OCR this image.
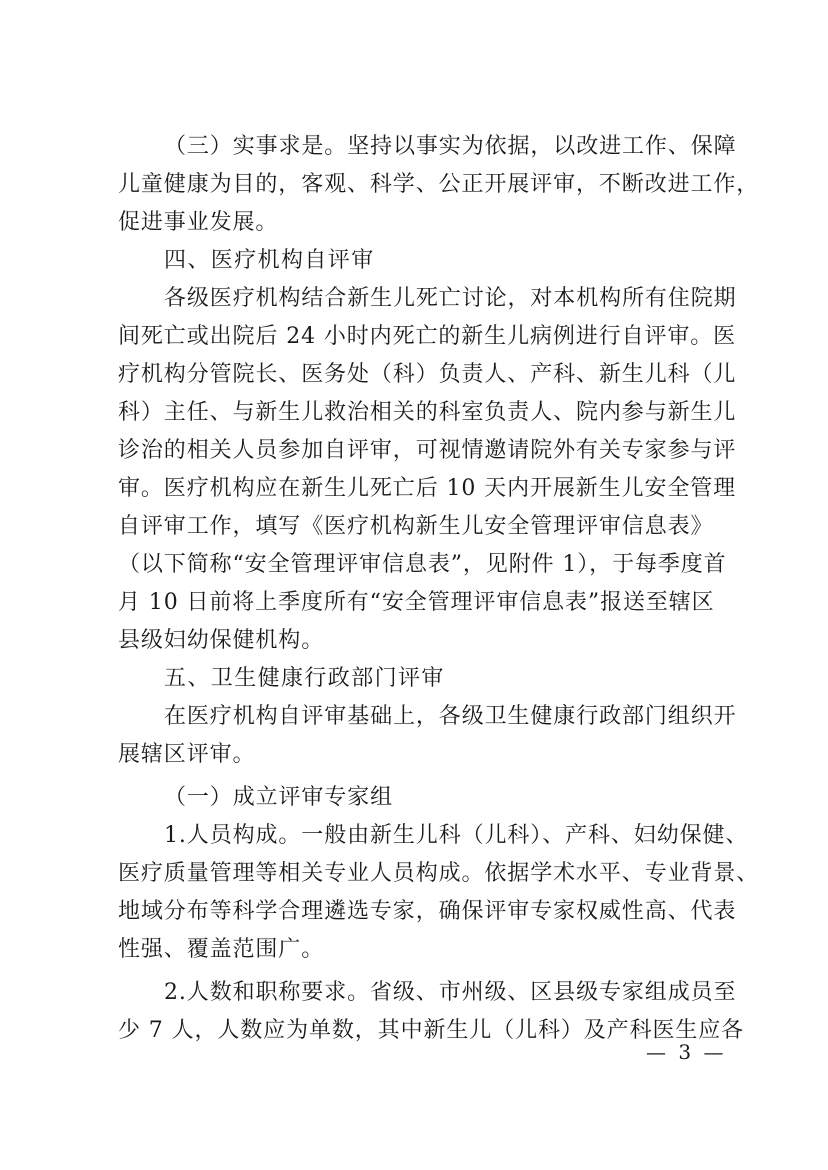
（三）实事求是。坚持以事实为依据，以改进工作、保障
儿童健康为目的，客观、科学、公正开展评审，不断改进工作，
促进事业发展。
四、医疗机构自评审
各级医疗机构结合新生儿死亡讨论，对本机构所有住院期
间死亡或出院后 24 小时内死亡的新生儿病例进行自评审。医
疗机构分管院长、医务处（科）负责人、产科、新生儿科（儿
科）主任、与新生儿救治相关的科室负责人、院内参与新生儿
诊治的相关人员参加自评审，可视情邀请院外有关专家参与评
审。医疗机构应在新生儿死亡后 10 天内开展新生儿安全管理
自评审工作，填写《医疗机构新生儿安全管理评审信息表》
（以下简称“安全管理评审信息表”，见附件 1），于每季度首
月 10 日前将上季度所有“安全管理评审信息表”报送至辖区
县级妇幼保健机构。
五、卫生健康行政部门评审
在医疗机构自评审基础上，各级卫生健康行政部门组织开
展辖区评审。
（一）成立评审专家组
1.人员构成。一般由新生儿科（儿科）、产科、妇幼保健、
医疗质量管理等相关专业人员构成。依据学术水平、专业背景、
地域分布等科学合理遴选专家，确保评审专家权威性高、代表
性强、覆盖范围广。
2.人数和职称要求。省级、市州级、区县级专家组成员至
少 7 人，人数应为单数，其中新生儿（儿科）及产科医生应各
— 3 —
